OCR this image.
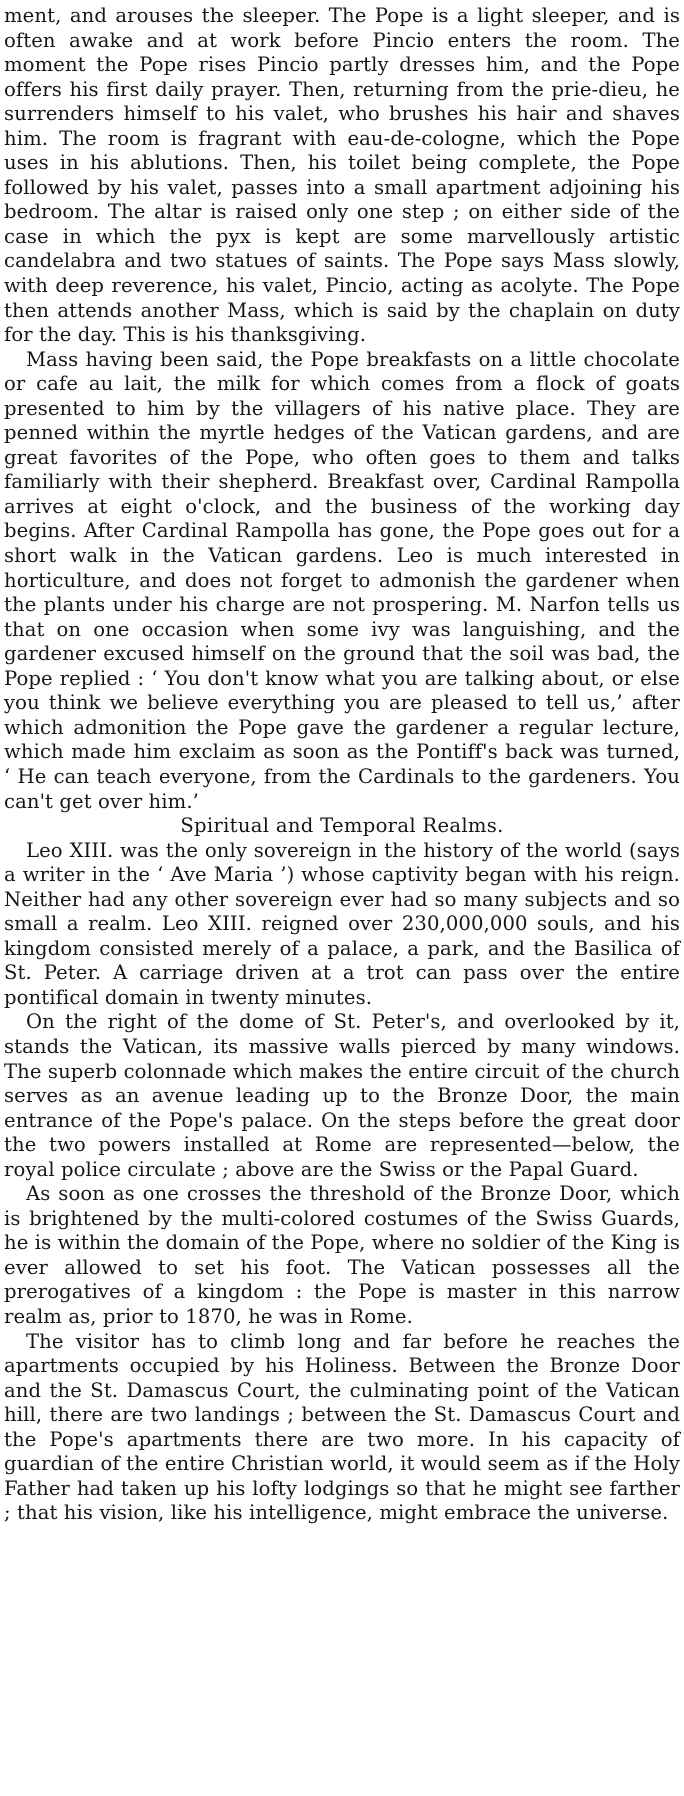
ment, and arouses the sleeper. The Pope is a light sleeper, and is often awake and at work before Pincio enters the room. The moment the Pope rises Pincio partly dresses him, and the Pope offers his first daily prayer. Then, returning from the prie-dieu, he surrenders himself to his valet, who brushes his hair and shaves him. The room is fragrant with eau-de-cologne, which the Pope uses in his ablutions. Then, his toilet being complete, the Pope followed by his valet, passes into a small apartment adjoining his bedroom. The altar is raised only one step ; on either side of the case in which the pyx is kept are some marvellously artistic candelabra and two statues of saints. The Pope says Mass slowly, with deep reverence, his valet, Pincio, acting as acolyte. The Pope then attends another Mass, which is said by the chaplain on duty for the day. This is his thanksgiving.

Mass having been said, the Pope breakfasts on a little chocolate or cafe au lait, the milk for which comes from a flock of goats presented to him by the villagers of his native place. They are penned within the myrtle hedges of the Vatican gardens, and are great favorites of the Pope, who often goes to them and talks familiarly with their shepherd. Breakfast over, Cardinal Rampolla arrives at eight o'clock, and the business of the working day begins. After Cardinal Rampolla has gone, the Pope goes out for a short walk in the Vatican gardens. Leo is much interested in horticulture, and does not forget to admonish the gardener when the plants under his charge are not prospering. M. Narfon tells us that on one occasion when some ivy was languishing, and the gardener excused himself on the ground that the soil was bad, the Pope replied : ‘ You don't know what you are talking about, or else you think we believe everything you are pleased to tell us,’ after which admonition the Pope gave the gardener a regular lecture, which made him exclaim as soon as the Pontiff's back was turned, ‘ He can teach everyone, from the Cardinals to the gardeners. You can't get over him.’

Spiritual and Temporal Realms.

Leo XIII. was the only sovereign in the history of the world (says a writer in the ‘ Ave Maria ’) whose captivity began with his reign. Neither had any other sovereign ever had so many subjects and so small a realm. Leo XIII. reigned over 230,000,000 souls, and his kingdom consisted merely of a palace, a park, and the Basilica of St. Peter. A carriage driven at a trot can pass over the entire pontifical domain in twenty minutes.

On the right of the dome of St. Peter's, and overlooked by it, stands the Vatican, its massive walls pierced by many windows. The superb colonnade which makes the entire circuit of the church serves as an avenue leading up to the Bronze Door, the main entrance of the Pope's palace. On the steps before the great door the two powers installed at Rome are represented—below, the royal police circulate ; above are the Swiss or the Papal Guard.

As soon as one crosses the threshold of the Bronze Door, which is brightened by the multi-colored costumes of the Swiss Guards, he is within the domain of the Pope, where no soldier of the King is ever allowed to set his foot. The Vatican possesses all the prerogatives of a kingdom : the Pope is master in this narrow realm as, prior to 1870, he was in Rome.

The visitor has to climb long and far before he reaches the apartments occupied by his Holiness. Between the Bronze Door and the St. Damascus Court, the culminating point of the Vatican hill, there are two landings ; between the St. Damascus Court and the Pope's apartments there are two more. In his capacity of guardian of the entire Christian world, it would seem as if the Holy Father had taken up his lofty lodgings so that he might see farther ; that his vision, like his intelligence, might embrace the universe.
